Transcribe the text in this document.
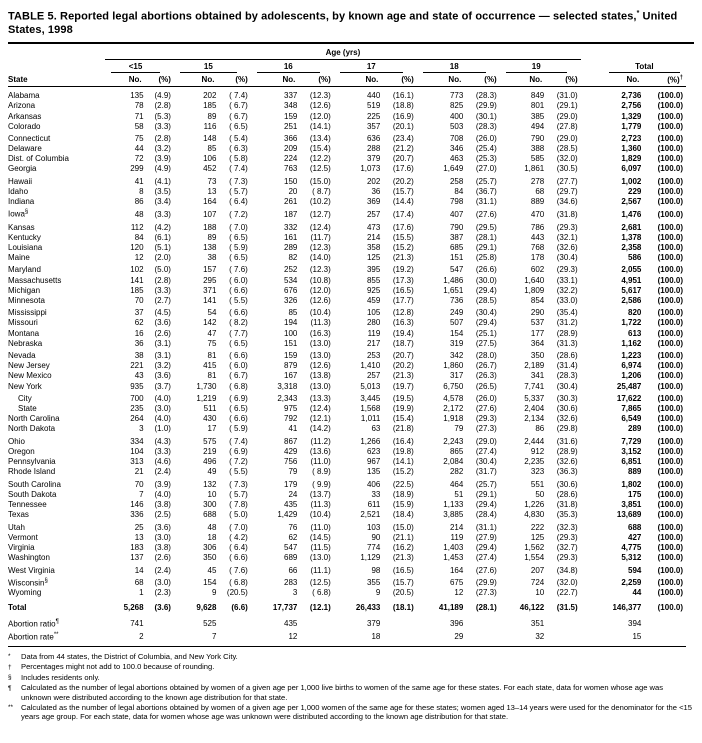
TABLE 5. Reported legal abortions obtained by adolescents, by known age and state of occurrence — selected states,* United States, 1998
	Age (yrs)													

	<15		15		16		17		18		19		Total	

State	No.	(%)	No.	(%)	No.	(%)	No.	(%)	No.	(%)	No.	(%)	No.	(%)†
Alabama	135	(4.9)	202	( 7.4)	337	(12.3)	440	(16.1)	773	(28.3)	849	(31.0)	2,736	(100.0)
Arizona	78	(2.8)	185	( 6.7)	348	(12.6)	519	(18.8)	825	(29.9)	801	(29.1)	2,756	(100.0)
Arkansas	71	(5.3)	89	( 6.7)	159	(12.0)	225	(16.9)	400	(30.1)	385	(29.0)	1,329	(100.0)
Colorado	58	(3.3)	116	( 6.5)	251	(14.1)	357	(20.1)	503	(28.3)	494	(27.8)	1,779	(100.0)
Connecticut	75	(2.8)	148	( 5.4)	366	(13.4)	636	(23.4)	708	(26.0)	790	(29.0)	2,723	(100.0)
Delaware	44	(3.2)	85	( 6.3)	209	(15.4)	288	(21.2)	346	(25.4)	388	(28.5)	1,360	(100.0)
Dist. of Columbia	72	(3.9)	106	( 5.8)	224	(12.2)	379	(20.7)	463	(25.3)	585	(32.0)	1,829	(100.0)
Georgia	299	(4.9)	452	( 7.4)	763	(12.5)	1,073	(17.6)	1,649	(27.0)	1,861	(30.5)	6,097	(100.0)
Hawaii	41	(4.1)	73	( 7.3)	150	(15.0)	202	(20.2)	258	(25.7)	278	(27.7)	1,002	(100.0)
Idaho	8	(3.5)	13	( 5.7)	20	( 8.7)	36	(15.7)	84	(36.7)	68	(29.7)	229	(100.0)
Indiana	86	(3.4)	164	( 6.4)	261	(10.2)	369	(14.4)	798	(31.1)	889	(34.6)	2,567	(100.0)
Iowa§	48	(3.3)	107	( 7.2)	187	(12.7)	257	(17.4)	407	(27.6)	470	(31.8)	1,476	(100.0)
Kansas	112	(4.2)	188	( 7.0)	332	(12.4)	473	(17.6)	790	(29.5)	786	(29.3)	2,681	(100.0)
Kentucky	84	(6.1)	89	( 6.5)	161	(11.7)	214	(15.5)	387	(28.1)	443	(32.1)	1,378	(100.0)
Louisiana	120	(5.1)	138	( 5.9)	289	(12.3)	358	(15.2)	685	(29.1)	768	(32.6)	2,358	(100.0)
Maine	12	(2.0)	38	( 6.5)	82	(14.0)	125	(21.3)	151	(25.8)	178	(30.4)	586	(100.0)
Maryland	102	(5.0)	157	( 7.6)	252	(12.3)	395	(19.2)	547	(26.6)	602	(29.3)	2,055	(100.0)
Massachusetts	141	(2.8)	295	( 6.0)	534	(10.8)	855	(17.3)	1,486	(30.0)	1,640	(33.1)	4,951	(100.0)
Michigan	185	(3.3)	371	( 6.6)	676	(12.0)	925	(16.5)	1,651	(29.4)	1,809	(32.2)	5,617	(100.0)
Minnesota	70	(2.7)	141	( 5.5)	326	(12.6)	459	(17.7)	736	(28.5)	854	(33.0)	2,586	(100.0)
Mississippi	37	(4.5)	54	( 6.6)	85	(10.4)	105	(12.8)	249	(30.4)	290	(35.4)	820	(100.0)
Missouri	62	(3.6)	142	( 8.2)	194	(11.3)	280	(16.3)	507	(29.4)	537	(31.2)	1,722	(100.0)
Montana	16	(2.6)	47	( 7.7)	100	(16.3)	119	(19.4)	154	(25.1)	177	(28.9)	613	(100.0)
Nebraska	36	(3.1)	75	( 6.5)	151	(13.0)	217	(18.7)	319	(27.5)	364	(31.3)	1,162	(100.0)
Nevada	38	(3.1)	81	( 6.6)	159	(13.0)	253	(20.7)	342	(28.0)	350	(28.6)	1,223	(100.0)
New Jersey	221	(3.2)	415	( 6.0)	879	(12.6)	1,410	(20.2)	1,860	(26.7)	2,189	(31.4)	6,974	(100.0)
New Mexico	43	(3.6)	81	( 6.7)	167	(13.8)	257	(21.3)	317	(26.3)	341	(28.3)	1,206	(100.0)
New York	935	(3.7)	1,730	( 6.8)	3,318	(13.0)	5,013	(19.7)	6,750	(26.5)	7,741	(30.4)	25,487	(100.0)
City	700	(4.0)	1,219	( 6.9)	2,343	(13.3)	3,445	(19.5)	4,578	(26.0)	5,337	(30.3)	17,622	(100.0)
State	235	(3.0)	511	( 6.5)	975	(12.4)	1,568	(19.9)	2,172	(27.6)	2,404	(30.6)	7,865	(100.0)
North Carolina	264	(4.0)	430	( 6.6)	792	(12.1)	1,011	(15.4)	1,918	(29.3)	2,134	(32.6)	6,549	(100.0)
North Dakota	3	(1.0)	17	( 5.9)	41	(14.2)	63	(21.8)	79	(27.3)	86	(29.8)	289	(100.0)
Ohio	334	(4.3)	575	( 7.4)	867	(11.2)	1,266	(16.4)	2,243	(29.0)	2,444	(31.6)	7,729	(100.0)
Oregon	104	(3.3)	219	( 6.9)	429	(13.6)	623	(19.8)	865	(27.4)	912	(28.9)	3,152	(100.0)
Pennsylvania	313	(4.6)	496	( 7.2)	756	(11.0)	967	(14.1)	2,084	(30.4)	2,235	(32.6)	6,851	(100.0)
Rhode Island	21	(2.4)	49	( 5.5)	79	( 8.9)	135	(15.2)	282	(31.7)	323	(36.3)	889	(100.0)
South Carolina	70	(3.9)	132	( 7.3)	179	( 9.9)	406	(22.5)	464	(25.7)	551	(30.6)	1,802	(100.0)
South Dakota	7	(4.0)	10	( 5.7)	24	(13.7)	33	(18.9)	51	(29.1)	50	(28.6)	175	(100.0)
Tennessee	146	(3.8)	300	( 7.8)	435	(11.3)	611	(15.9)	1,133	(29.4)	1,226	(31.8)	3,851	(100.0)
Texas	336	(2.5)	688	( 5.0)	1,429	(10.4)	2,521	(18.4)	3,885	(28.4)	4,830	(35.3)	13,689	(100.0)
Utah	25	(3.6)	48	( 7.0)	76	(11.0)	103	(15.0)	214	(31.1)	222	(32.3)	688	(100.0)
Vermont	13	(3.0)	18	( 4.2)	62	(14.5)	90	(21.1)	119	(27.9)	125	(29.3)	427	(100.0)
Virginia	183	(3.8)	306	( 6.4)	547	(11.5)	774	(16.2)	1,403	(29.4)	1,562	(32.7)	4,775	(100.0)
Washington	137	(2.6)	350	( 6.6)	689	(13.0)	1,129	(21.3)	1,453	(27.4)	1,554	(29.3)	5,312	(100.0)
West Virginia	14	(2.4)	45	( 7.6)	66	(11.1)	98	(16.5)	164	(27.6)	207	(34.8)	594	(100.0)
Wisconsin§	68	(3.0)	154	( 6.8)	283	(12.5)	355	(15.7)	675	(29.9)	724	(32.0)	2,259	(100.0)
Wyoming	1	(2.3)	9	(20.5)	3	( 6.8)	9	(20.5)	12	(27.3)	10	(22.7)	44	(100.0)
Total	5,268	(3.6)	9,628	(6.6)	17,737	(12.1)	26,433	(18.1)	41,189	(28.1)	46,122	(31.5)	146,377	(100.0)
Abortion ratio¶	741		525		435		379		396		351		394	
Abortion rate**	2		7		12		18		29		32		15	
*	Data from 44 states, the District of Columbia, and New York City.
†	Percentages might not add to 100.0 because of rounding.
§	Includes residents only.
¶	Calculated as the number of legal abortions obtained by women of a given age per 1,000 live births to women of the same age for these states. For each state, data for women whose age was unknown were distributed according to the known age distribution for that state.
**	Calculated as the number of legal abortions obtained by women of a given age per 1,000 women of the same age for these states; women aged 13–14 years were used for the denominator for the <15 years age group. For each state, data for women whose age was unknown were distributed according to the known age distribution for that state.
